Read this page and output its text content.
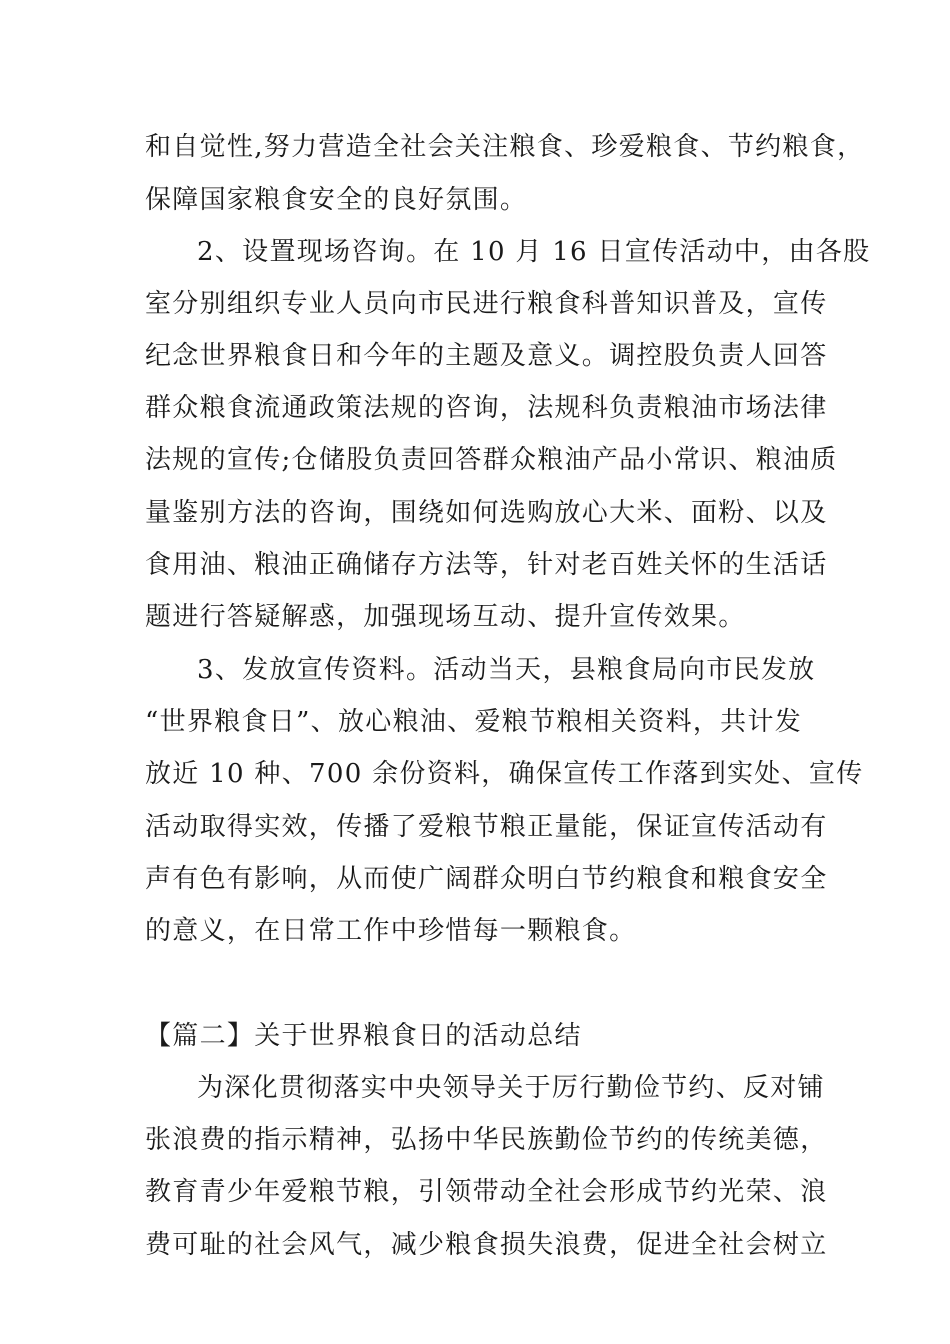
和自觉性,努力营造全社会关注粮食、珍爱粮食、节约粮食，
保障国家粮食安全的良好氛围。
2、设置现场咨询。在 10 月 16 日宣传活动中，由各股
室分别组织专业人员向市民进行粮食科普知识普及，宣传
纪念世界粮食日和今年的主题及意义。调控股负责人回答
群众粮食流通政策法规的咨询，法规科负责粮油市场法律
法规的宣传;仓储股负责回答群众粮油产品小常识、粮油质
量鉴别方法的咨询，围绕如何选购放心大米、面粉、以及
食用油、粮油正确储存方法等，针对老百姓关怀的生活话
题进行答疑解惑，加强现场互动、提升宣传效果。
3、发放宣传资料。活动当天，县粮食局向市民发放
“世界粮食日”、放心粮油、爱粮节粮相关资料，共计发
放近 10 种、700 余份资料，确保宣传工作落到实处、宣传
活动取得实效，传播了爱粮节粮正量能，保证宣传活动有
声有色有影响，从而使广阔群众明白节约粮食和粮食安全
的意义，在日常工作中珍惜每一颗粮食。
【篇二】关于世界粮食日的活动总结
为深化贯彻落实中央领导关于厉行勤俭节约、反对铺
张浪费的指示精神，弘扬中华民族勤俭节约的传统美德，
教育青少年爱粮节粮，引领带动全社会形成节约光荣、浪
费可耻的社会风气，减少粮食损失浪费，促进全社会树立
